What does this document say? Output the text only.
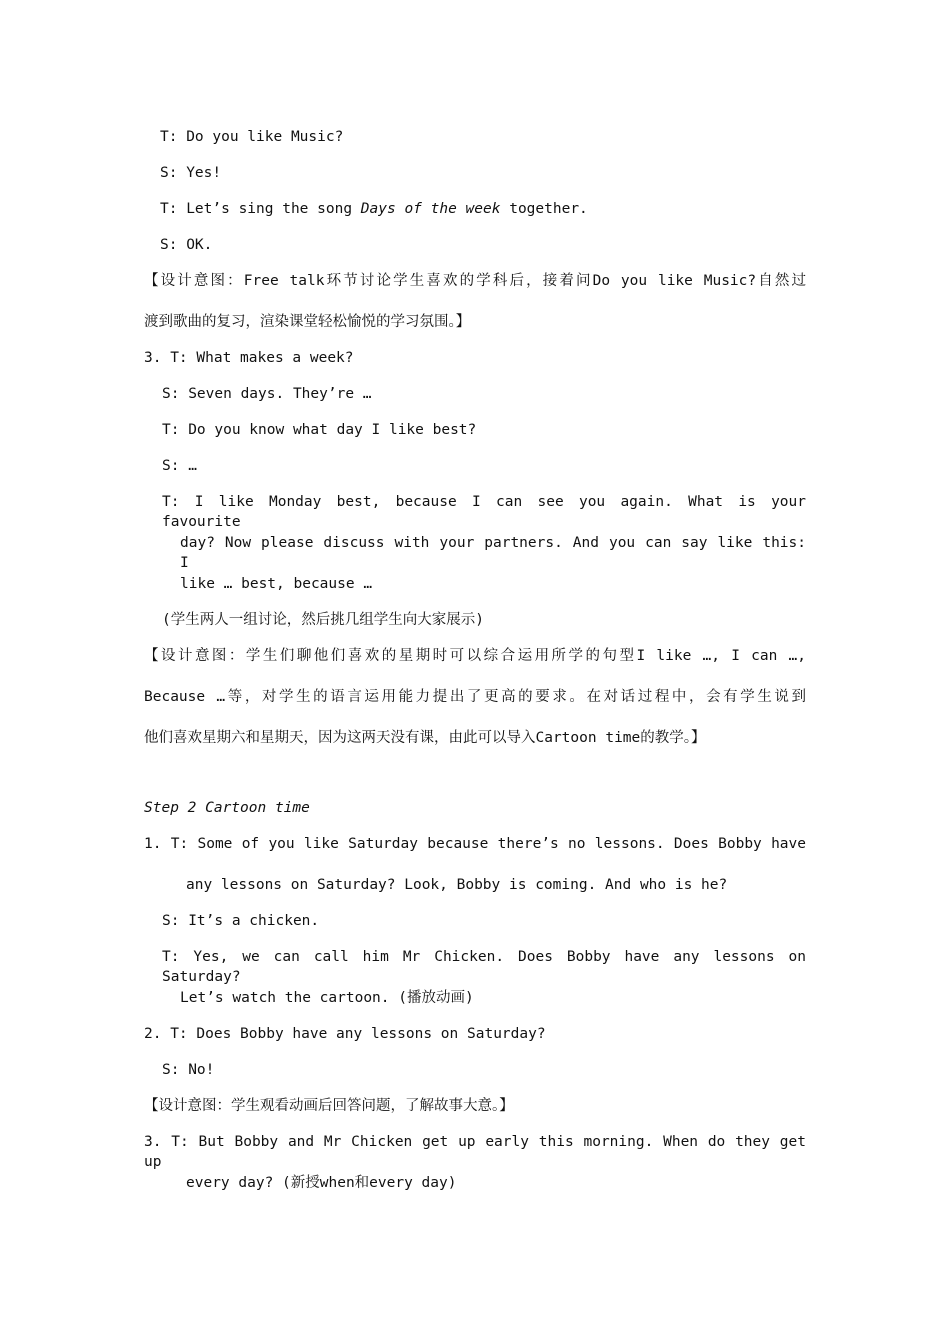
T: Do you like Music?
S: Yes!
T: Let’s sing the song Days of the week together.
S: OK.
【设计意图：Free talk环节讨论学生喜欢的学科后，接着问Do you like Music?自然过
渡到歌曲的复习，渲染课堂轻松愉悦的学习氛围。】
3. T: What makes a week?
S: Seven days. They’re …
T: Do you know what day I like best?
S: …
T: I like Monday best, because I can see you again. What is your favourite
day? Now please discuss with your partners. And you can say like this: I
like … best, because …
(学生两人一组讨论，然后挑几组学生向大家展示)
【设计意图：学生们聊他们喜欢的星期时可以综合运用所学的句型I like …, I can …,
Because …等，对学生的语言运用能力提出了更高的要求。在对话过程中，会有学生说到
他们喜欢星期六和星期天，因为这两天没有课，由此可以导入Cartoon time的教学。】
Step 2 Cartoon time
1. T: Some of you like Saturday because there’s no lessons. Does Bobby have
any lessons on Saturday? Look, Bobby is coming. And who is he?
S: It’s a chicken.
T: Yes, we can call him Mr Chicken. Does Bobby have any lessons on Saturday?
Let’s watch the cartoon. (播放动画)
2. T: Does Bobby have any lessons on Saturday?
S: No!
【设计意图：学生观看动画后回答问题，了解故事大意。】
3. T: But Bobby and Mr Chicken get up early this morning. When do they get up
every day? (新授when和every day)
